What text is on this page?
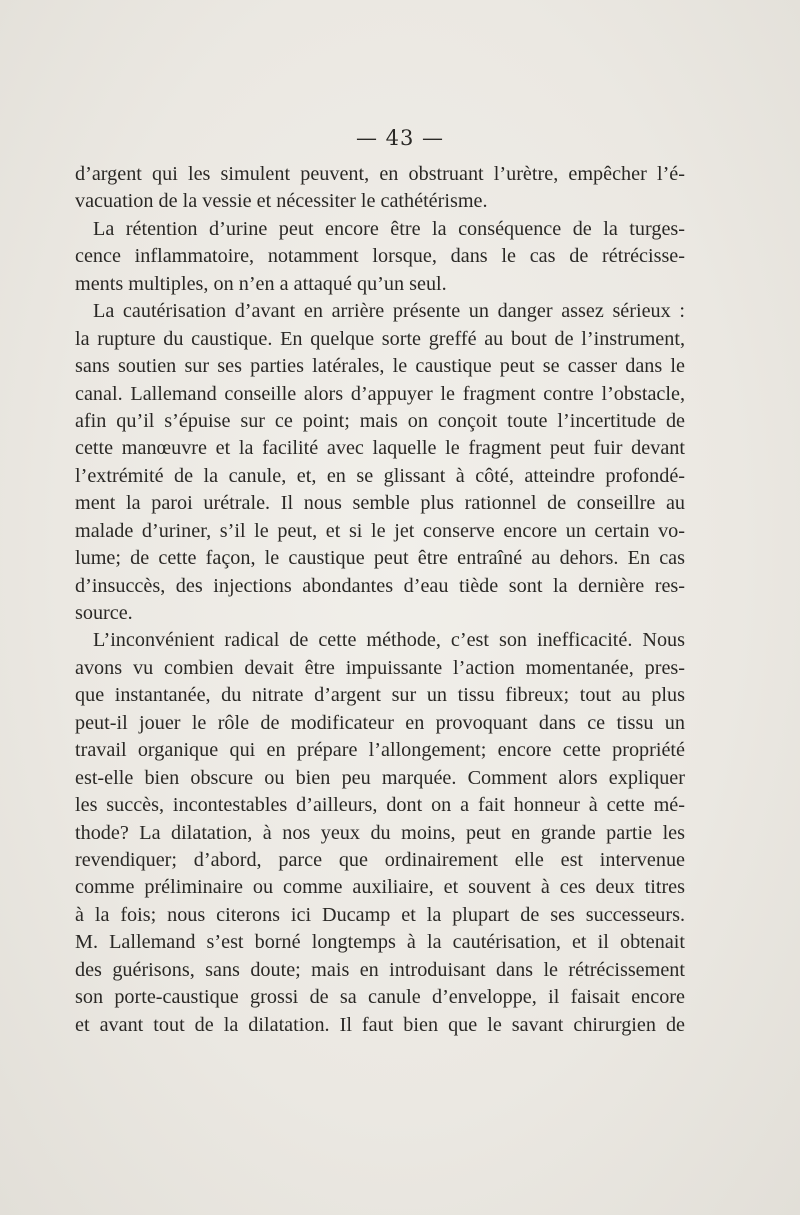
— 43 —
d’argent qui les simulent peuvent, en obstruant l’urètre, empêcher l’é-
vacuation de la vessie et nécessiter le cathétérisme.
La rétention d’urine peut encore être la conséquence de la turges-
cence inflammatoire, notamment lorsque, dans le cas de rétrécisse-
ments multiples, on n’en a attaqué qu’un seul.
La cautérisation d’avant en arrière présente un danger assez sérieux :
la rupture du caustique. En quelque sorte greffé au bout de l’instrument,
sans soutien sur ses parties latérales, le caustique peut se casser dans le
canal. Lallemand conseille alors d’appuyer le fragment contre l’obstacle,
afin qu’il s’épuise sur ce point; mais on conçoit toute l’incertitude de
cette manœuvre et la facilité avec laquelle le fragment peut fuir devant
l’extrémité de la canule, et, en se glissant à côté, atteindre profondé-
ment la paroi urétrale. Il nous semble plus rationnel de conseillre au
malade d’uriner, s’il le peut, et si le jet conserve encore un certain vo-
lume; de cette façon, le caustique peut être entraîné au dehors. En cas
d’insuccès, des injections abondantes d’eau tiède sont la dernière res-
source.
L’inconvénient radical de cette méthode, c’est son inefficacité. Nous
avons vu combien devait être impuissante l’action momentanée, pres-
que instantanée, du nitrate d’argent sur un tissu fibreux; tout au plus
peut-il jouer le rôle de modificateur en provoquant dans ce tissu un
travail organique qui en prépare l’allongement; encore cette propriété
est-elle bien obscure ou bien peu marquée. Comment alors expliquer
les succès, incontestables d’ailleurs, dont on a fait honneur à cette mé-
thode? La dilatation, à nos yeux du moins, peut en grande partie les
revendiquer; d’abord, parce que ordinairement elle est intervenue
comme préliminaire ou comme auxiliaire, et souvent à ces deux titres
à la fois; nous citerons ici Ducamp et la plupart de ses successeurs.
M. Lallemand s’est borné longtemps à la cautérisation, et il obtenait
des guérisons, sans doute; mais en introduisant dans le rétrécissement
son porte-caustique grossi de sa canule d’enveloppe, il faisait encore
et avant tout de la dilatation. Il faut bien que le savant chirurgien de
